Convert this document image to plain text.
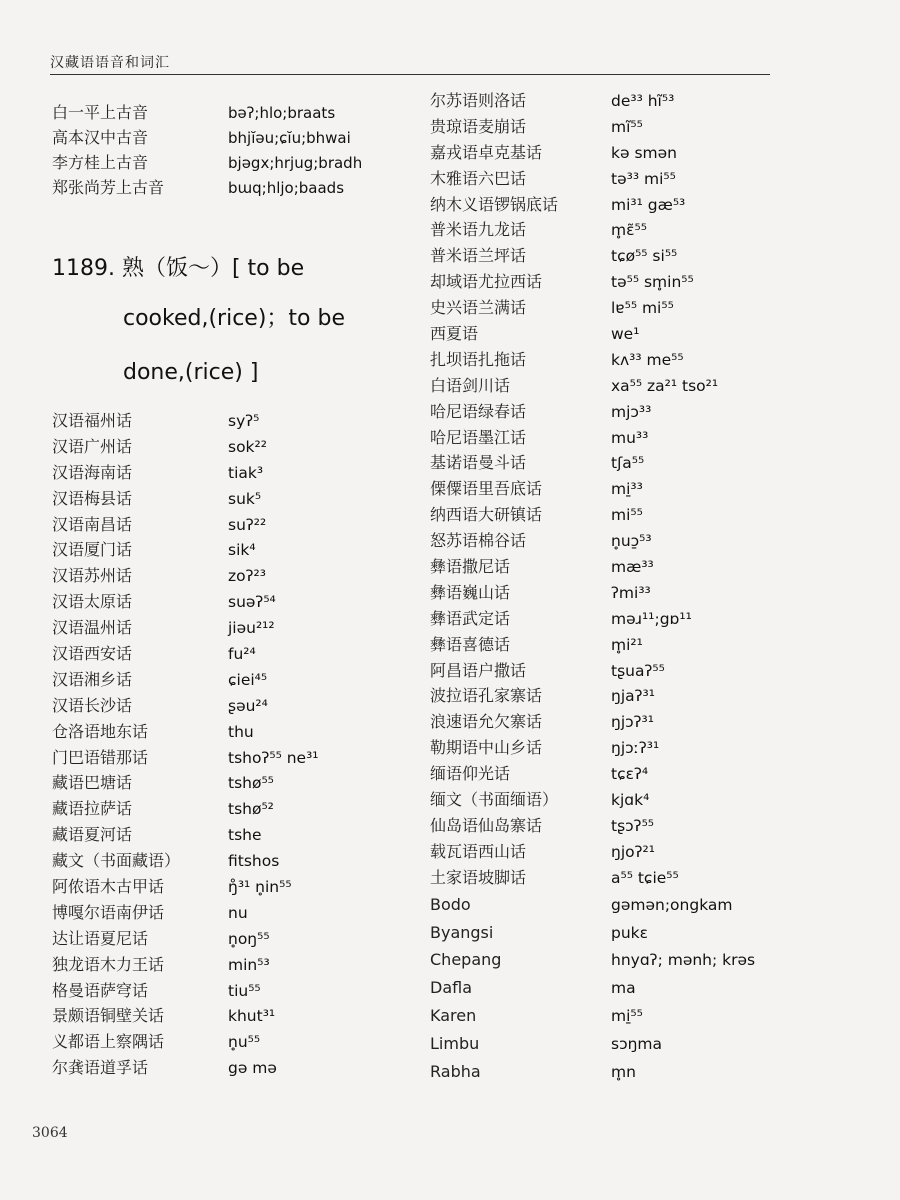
汉藏语语音和词汇
白一平上古音	bəʔ;hlo;braats
高本汉中古音	bhjĭəu;ɕĭu;bhwai
李方桂上古音	bjəgx;hrjug;bradh
郑张尚芳上古音	bɯq;hljo;baads
1189. 熟（饭～）[ to be
cooked,(rice)；to be
done,(rice) ]
汉语福州话	syʔ⁵
汉语广州话	sok²²
汉语海南话	tiak³
汉语梅县话	suk⁵
汉语南昌话	suʔ²²
汉语厦门话	sik⁴
汉语苏州话	zoʔ²³
汉语太原话	suəʔ⁵⁴
汉语温州话	jiəu²¹²
汉语西安话	fu²⁴
汉语湘乡话	ɕiei⁴⁵
汉语长沙话	ʂəu²⁴
仓洛语地东话	thu
门巴语错那话	tshoʔ⁵⁵ ne³¹
藏语巴塘话	tshø⁵⁵
藏语拉萨话	tshø⁵²
藏语夏河话	tshe
藏文（书面藏语）	fitshos
阿侬语木古甲话	ŋ̊³¹ n̥in⁵⁵
博嘎尔语南伊话	nu
达让语夏尼话	n̥oŋ⁵⁵
独龙语木力王话	min⁵³
格曼语萨穹话	tiu⁵⁵
景颇语铜壁关话	khut³¹
义都语上察隅话	n̥u⁵⁵
尔龚语道孚话	gə mə
尔苏语则洛话	de³³ hĩ⁵³
贵琼语麦崩话	mĩ⁵⁵
嘉戎语卓克基话	kə smən
木雅语六巴话	tə³³ mi⁵⁵
纳木义语锣锅底话	mi³¹ gæ⁵³
普米语九龙话	m̥ɛ̃⁵⁵
普米语兰坪话	tɕø⁵⁵ si⁵⁵
却域语尤拉西话	tə⁵⁵ sm̥in⁵⁵
史兴语兰满话	lɐ⁵⁵ mi⁵⁵
西夏语	we¹
扎坝语扎拖话	kʌ³³ me⁵⁵
白语剑川话	xa⁵⁵ za²¹ tso²¹
哈尼语绿春话	mjɔ³³
哈尼语墨江话	mu³³
基诺语曼斗话	tʃa⁵⁵
傈僳语里吾底话	mi̱³³
纳西语大研镇话	mi⁵⁵
怒苏语棉谷话	n̥uɔ̱⁵³
彝语撒尼话	mæ³³
彝语巍山话	ʔmi³³
彝语武定话	məɹ¹¹;gɒ¹¹
彝语喜德话	m̥i²¹
阿昌语户撒话	tʂuaʔ⁵⁵
波拉语孔家寨话	ŋjaʔ³¹
浪速语允欠寨话	ŋjɔʔ³¹
勒期语中山乡话	ŋjɔːʔ³¹
缅语仰光话	tɕɛʔ⁴
缅文（书面缅语）	kjɑk⁴
仙岛语仙岛寨话	tʂɔʔ⁵⁵
载瓦语西山话	ŋjoʔ²¹
土家语坡脚话	a⁵⁵ tɕie⁵⁵
Bodo	gəmən;ongkam
Byangsi	pukɛ
Chepang	hnyɑʔ; mənh; krəs
Dafla	ma
Karen	mi̱⁵⁵
Limbu	sɔŋma
Rabha	m̥n
3064
